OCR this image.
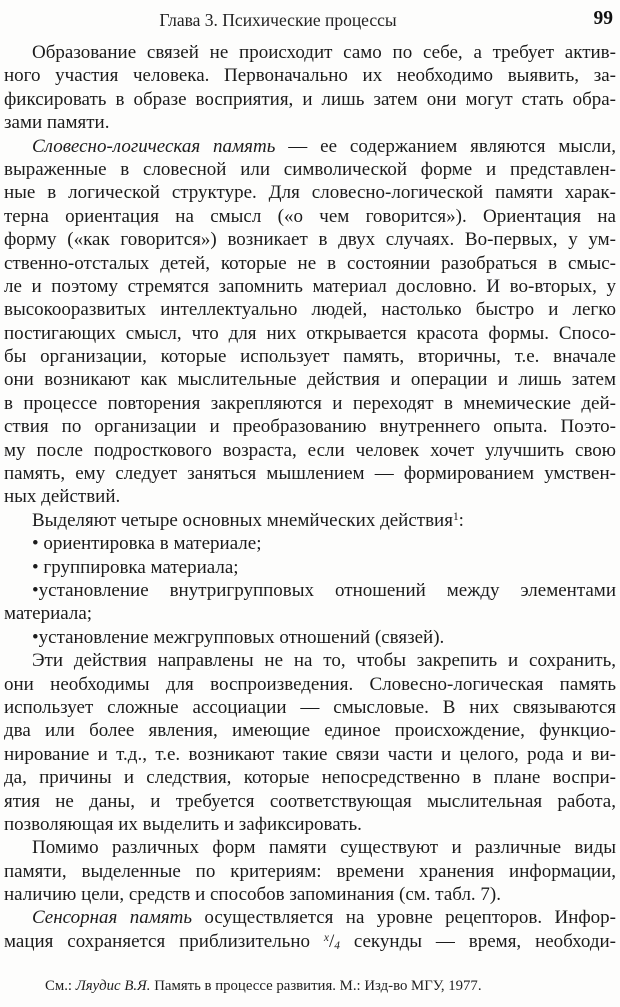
Глава 3. Психические процессы	99
Образование связей не происходит само по себе, а требует актив-
ного участия человека. Первоначально их необходимо выявить, за-
фиксировать в образе восприятия, и лишь затем они могут стать обра-
зами памяти.
Словесно-логическая память — ее содержанием являются мысли,
выраженные в словесной или символической форме и представлен-
ные в логической структуре. Для словесно-логической памяти харак-
терна ориентация на смысл («о чем говорится»). Ориентация на
форму («как говорится») возникает в двух случаях. Во-первых, у ум-
ственно-отсталых детей, которые не в состоянии разобраться в смыс-
ле и поэтому стремятся запомнить материал дословно. И во-вторых, у
высокооразвитых интеллектуально людей, настолько быстро и легко
постигающих смысл, что для них открывается красота формы. Спосо-
бы организации, которые использует память, вторичны, т.е. вначале
они возникают как мыслительные действия и операции и лишь затем
в процессе повторения закрепляются и переходят в мнемические дей-
ствия по организации и преобразованию внутреннего опыта. Поэто-
му после подросткового возраста, если человек хочет улучшить свою
память, ему следует заняться мышлением — формированием умствен-
ных действий.
Выделяют четыре основных мнемйческих действия$^1$:
• ориентировка в материале;
• группировка материала;
•установление внутригрупповых отношений между элементами
материала;
•установление межгрупповых отношений (связей).
Эти действия направлены не на то, чтобы закрепить и сохранить,
они необходимы для воспроизведения. Словесно-логическая память
использует сложные ассоциации — смысловые. В них связываются
два или более явления, имеющие единое происхождение, функцио-
нирование и т.д., т.е. возникают такие связи части и целого, рода и ви-
да, причины и следствия, которые непосредственно в плане воспри-
ятия не даны, и требуется соответствующая мыслительная работа,
позволяющая их выделить и зафиксировать.
Помимо различных форм памяти существуют и различные виды
памяти, выделенные по критериям: времени хранения информации,
наличию цели, средств и способов запоминания (см. табл. 7).
Сенсорная память осуществляется на уровне рецепторов. Инфор-
мация сохраняется приблизительно $^x$/4 секунды — время, необходи-
См.: Ляудис В.Я. Память в процессе развития. М.: Изд-во МГУ, 1977.
